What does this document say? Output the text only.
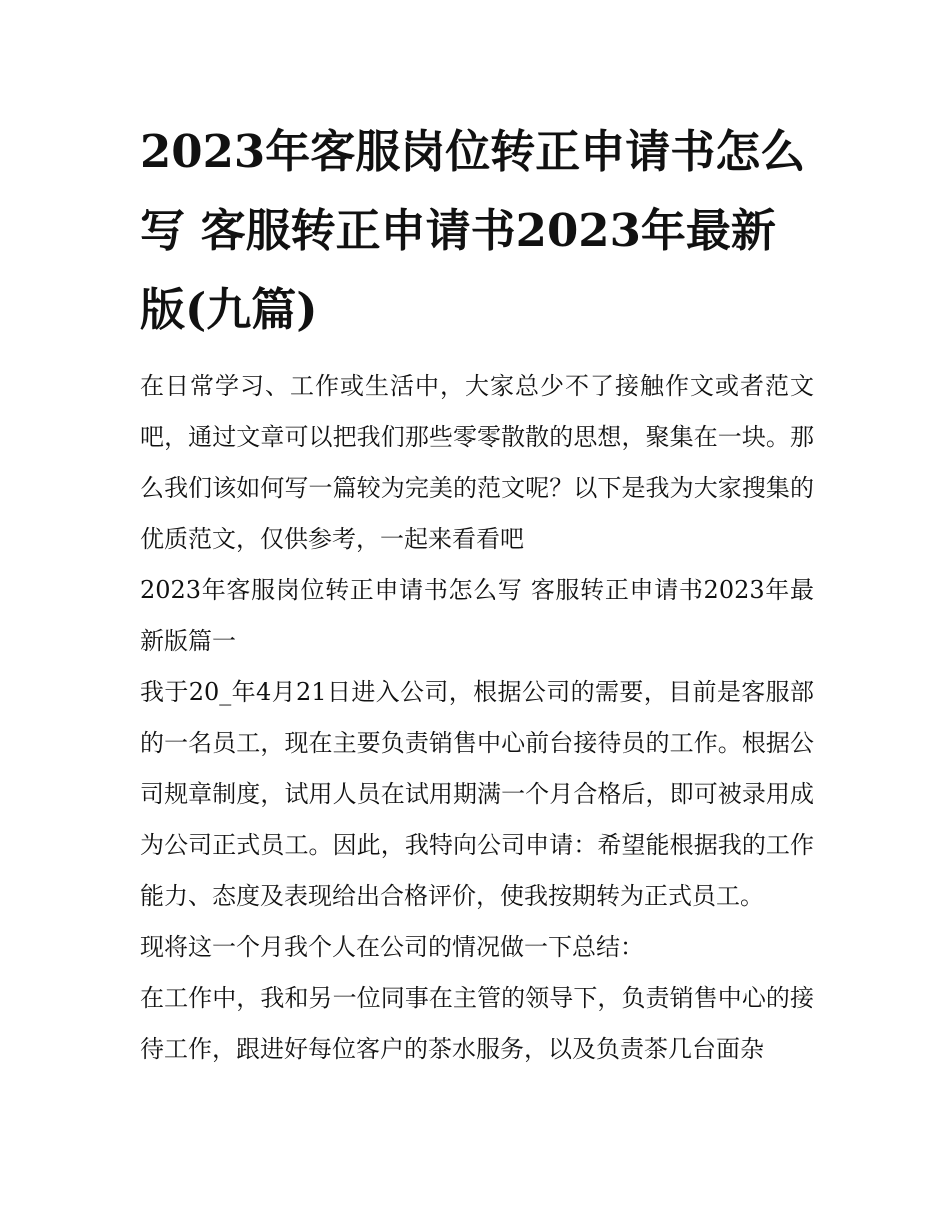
2023年客服岗位转正申请书怎么写 客服转正申请书2023年最新版(九篇)

在日常学习、工作或生活中，大家总少不了接触作文或者范文吧，通过文章可以把我们那些零零散散的思想，聚集在一块。那么我们该如何写一篇较为完美的范文呢？以下是我为大家搜集的优质范文，仅供参考，一起来看看吧

2023年客服岗位转正申请书怎么写 客服转正申请书2023年最新版篇一

我于20_年4月21日进入公司，根据公司的需要，目前是客服部的一名员工，现在主要负责销售中心前台接待员的工作。根据公司规章制度，试用人员在试用期满一个月合格后，即可被录用成为公司正式员工。因此，我特向公司申请：希望能根据我的工作能力、态度及表现给出合格评价，使我按期转为正式员工。

现将这一个月我个人在公司的情况做一下总结：

在工作中，我和另一位同事在主管的领导下，负责销售中心的接待工作，跟进好每位客户的茶水服务，以及负责茶几台面杂
